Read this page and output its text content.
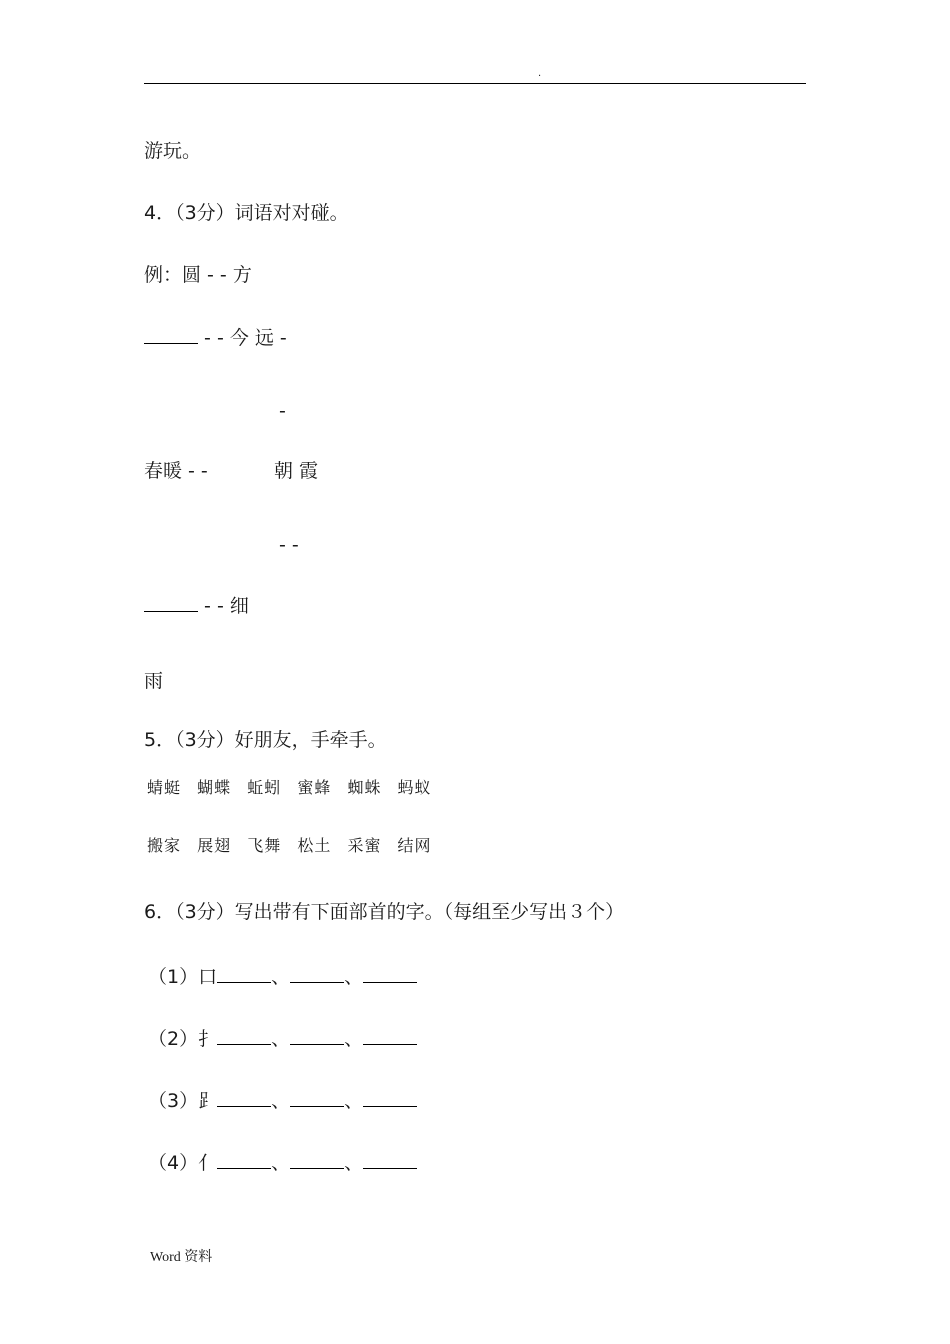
.
游玩。
4．（3分）词语对对碰。
例：圆 - - 方
- - 今 远 -
-
春暖 - -	朝 霞
- -
- - 细
雨
5．（3分）好朋友，手牵手。
蜻蜓 蝴蝶 蚯蚓 蜜蜂 蜘蛛 蚂蚁
搬家 展翅 飞舞 松土 采蜜 结网
6．（3分）写出带有下面部首的字。（每组至少写出３个）
（1）口	、	、
（2）扌	、	、
（3）⻊	、	、
（4）亻	、	、
Word 资料
